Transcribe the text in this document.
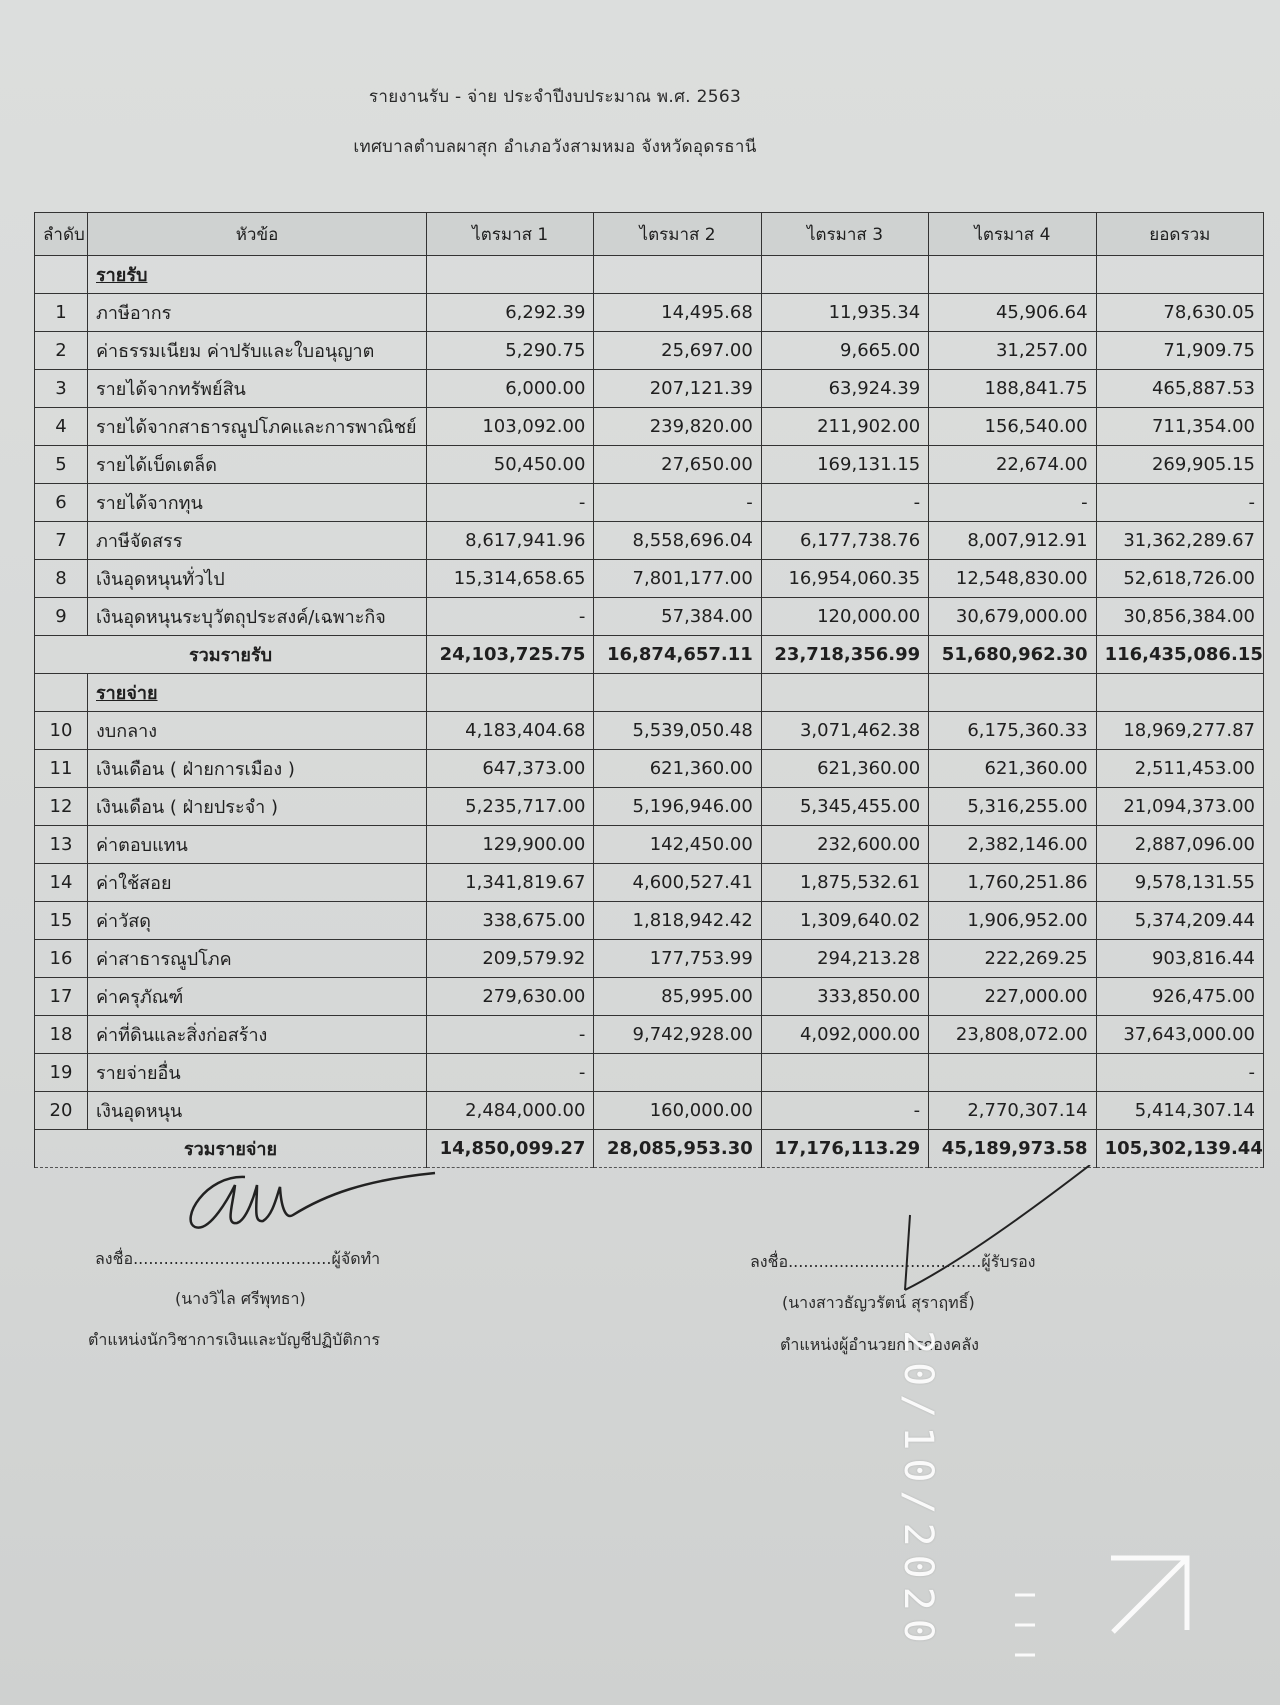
รายงานรับ - จ่าย ประจำปีงบประมาณ พ.ศ. 2563
เทศบาลตำบลผาสุก อำเภอวังสามหมอ จังหวัดอุดรธานี
ลำดับ	หัวข้อ	ไตรมาส 1	ไตรมาส 2	ไตรมาส 3	ไตรมาส 4	ยอดรวม
	รายรับ					
1	ภาษีอากร	6,292.39	14,495.68	11,935.34	45,906.64	78,630.05
2	ค่าธรรมเนียม ค่าปรับและใบอนุญาต	5,290.75	25,697.00	9,665.00	31,257.00	71,909.75
3	รายได้จากทรัพย์สิน	6,000.00	207,121.39	63,924.39	188,841.75	465,887.53
4	รายได้จากสาธารณูปโภคและการพาณิชย์	103,092.00	239,820.00	211,902.00	156,540.00	711,354.00
5	รายได้เบ็ดเตล็ด	50,450.00	27,650.00	169,131.15	22,674.00	269,905.15
6	รายได้จากทุน	-	-	-	-	-
7	ภาษีจัดสรร	8,617,941.96	8,558,696.04	6,177,738.76	8,007,912.91	31,362,289.67
8	เงินอุดหนุนทั่วไป	15,314,658.65	7,801,177.00	16,954,060.35	12,548,830.00	52,618,726.00
9	เงินอุดหนุนระบุวัตถุประสงค์/เฉพาะกิจ	-	57,384.00	120,000.00	30,679,000.00	30,856,384.00
รวมรายรับ		24,103,725.75	16,874,657.11	23,718,356.99	51,680,962.30	116,435,086.15
	รายจ่าย					
10	งบกลาง	4,183,404.68	5,539,050.48	3,071,462.38	6,175,360.33	18,969,277.87
11	เงินเดือน ( ฝ่ายการเมือง )	647,373.00	621,360.00	621,360.00	621,360.00	2,511,453.00
12	เงินเดือน ( ฝ่ายประจำ )	5,235,717.00	5,196,946.00	5,345,455.00	5,316,255.00	21,094,373.00
13	ค่าตอบแทน	129,900.00	142,450.00	232,600.00	2,382,146.00	2,887,096.00
14	ค่าใช้สอย	1,341,819.67	4,600,527.41	1,875,532.61	1,760,251.86	9,578,131.55
15	ค่าวัสดุ	338,675.00	1,818,942.42	1,309,640.02	1,906,952.00	5,374,209.44
16	ค่าสาธารณูปโภค	209,579.92	177,753.99	294,213.28	222,269.25	903,816.44
17	ค่าครุภัณฑ์	279,630.00	85,995.00	333,850.00	227,000.00	926,475.00
18	ค่าที่ดินและสิ่งก่อสร้าง	-	9,742,928.00	4,092,000.00	23,808,072.00	37,643,000.00
19	รายจ่ายอื่น	-				-
20	เงินอุดหนุน	2,484,000.00	160,000.00	-	2,770,307.14	5,414,307.14
รวมรายจ่าย		14,850,099.27	28,085,953.30	17,176,113.29	45,189,973.58	105,302,139.44
ลงชื่อ.......................................ผู้จัดทำ
(นางวิไล ศรีพุทธา)
ตำแหน่งนักวิชาการเงินและบัญชีปฏิบัติการ
ลงชื่อ......................................ผู้รับรอง
(นางสาวธัญวรัตน์ สุราฤทธิ์)
ตำแหน่งผู้อำนวยการกองคลัง
20/10/2020
